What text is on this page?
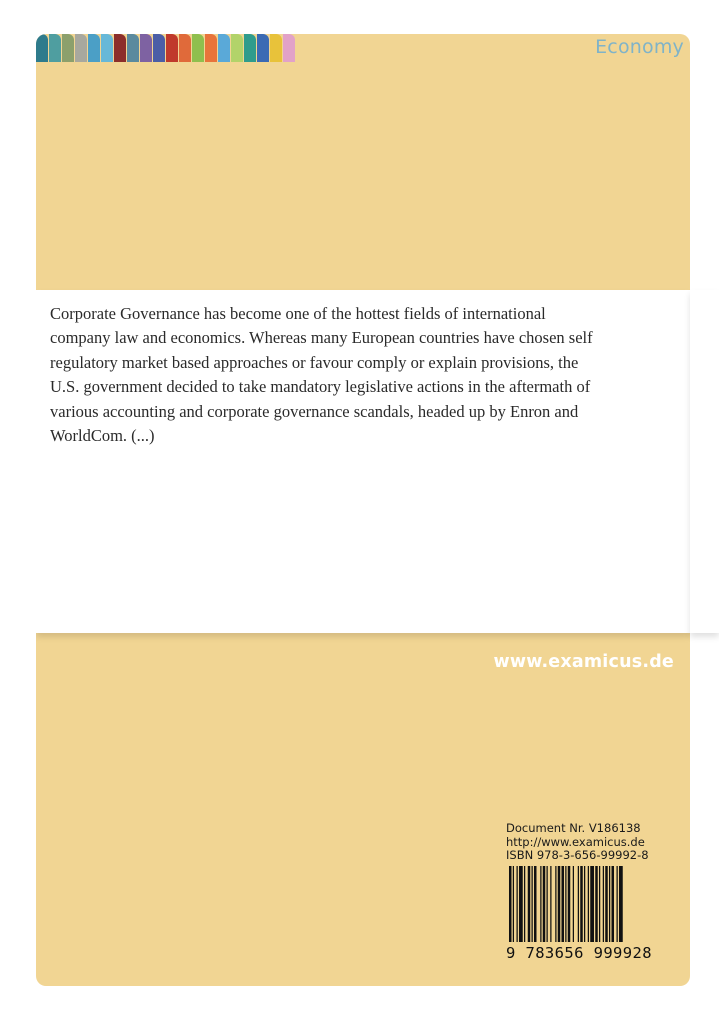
Economy

Corporate Governance has become one of the hottest fields of international company law and economics. Whereas many European countries have chosen self regulatory market based approaches or favour comply or explain provisions, the U.S. government decided to take mandatory legislative actions in the aftermath of various accounting and corporate governance scandals, headed up by Enron and WorldCom. (...)

www.examicus.de
Document Nr. V186138
http://www.examicus.de
ISBN 978-3-656-99992-8
9 783656 999928
